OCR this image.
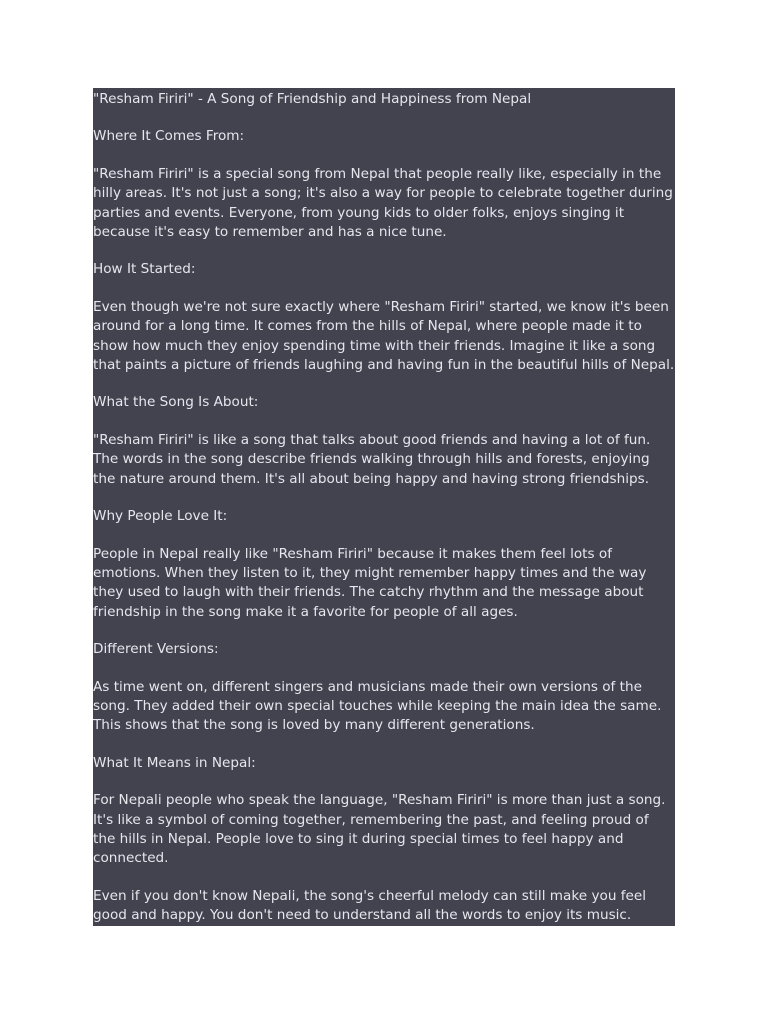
"Resham Firiri" - A Song of Friendship and Happiness from Nepal

Where It Comes From:

"Resham Firiri" is a special song from Nepal that people really like, especially in the hilly areas. It's not just a song; it's also a way for people to celebrate together during parties and events. Everyone, from young kids to older folks, enjoys singing it because it's easy to remember and has a nice tune.

How It Started:

Even though we're not sure exactly where "Resham Firiri" started, we know it's been around for a long time. It comes from the hills of Nepal, where people made it to show how much they enjoy spending time with their friends. Imagine it like a song that paints a picture of friends laughing and having fun in the beautiful hills of Nepal.

What the Song Is About:

"Resham Firiri" is like a song that talks about good friends and having a lot of fun. The words in the song describe friends walking through hills and forests, enjoying the nature around them. It's all about being happy and having strong friendships.

Why People Love It:

People in Nepal really like "Resham Firiri" because it makes them feel lots of emotions. When they listen to it, they might remember happy times and the way they used to laugh with their friends. The catchy rhythm and the message about friendship in the song make it a favorite for people of all ages.

Different Versions:

As time went on, different singers and musicians made their own versions of the song. They added their own special touches while keeping the main idea the same. This shows that the song is loved by many different generations.

What It Means in Nepal:

For Nepali people who speak the language, "Resham Firiri" is more than just a song. It's like a symbol of coming together, remembering the past, and feeling proud of the hills in Nepal. People love to sing it during special times to feel happy and connected.

Even if you don't know Nepali, the song's cheerful melody can still make you feel good and happy. You don't need to understand all the words to enjoy its music.
